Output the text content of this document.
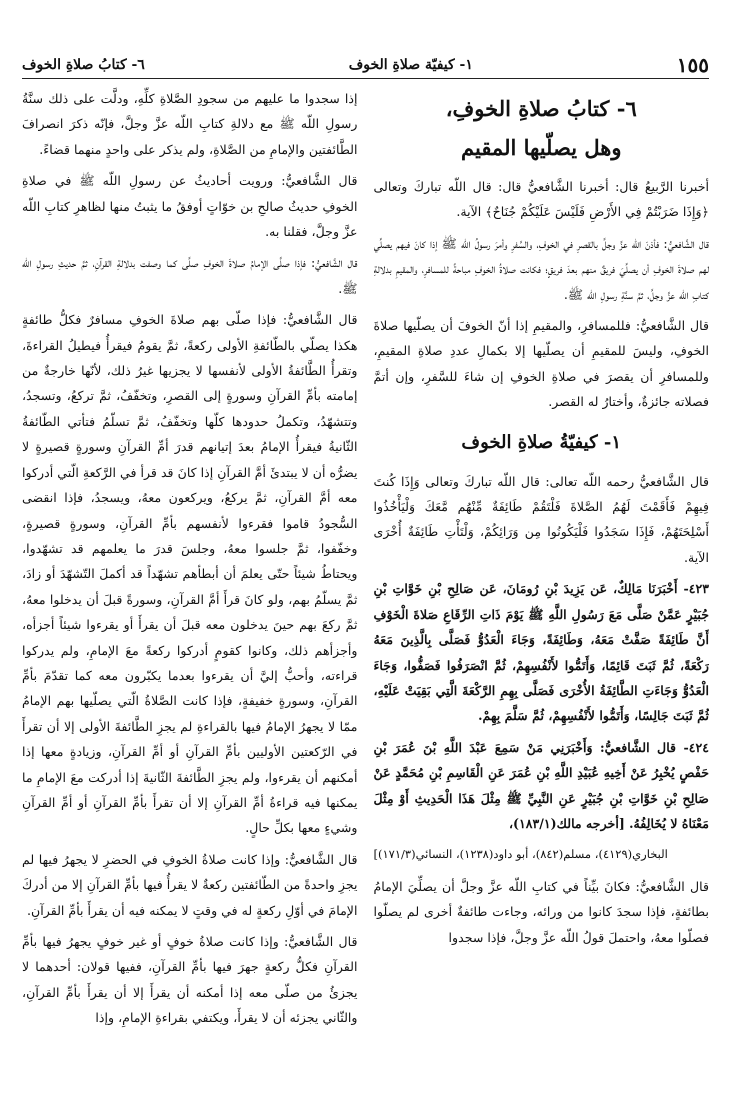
١٥٥
١- كيفيّة صلاةِ الخوف
٦- كتابُ صلاةِ الخوف
٦- كتابُ صلاةِ الخوفِ،
وهل يصلّيها المقيم

أخبرنا الرَّبيعُ قال: أخبرنا الشَّافعيُّ قال: قال اللّه تباركَ وتعالى ﴿وَإِذَا ضَرَبْتُمْ فِي الأَرْضِ فَلَيْسَ عَلَيْكُمْ جُنَاحٌ﴾ الآية.

قال الشَّافعيُّ: فأذنَ اللّه عزَّ وجلَّ بالقصرِ في الخوفِ، والسَّفرِ وأمرَ رسولُ اللّه ﷺ إذا كانَ فيهم يصلِّي لهم صلاةَ الخوفِ أن يصلِّيَ فريقٌ منهم بعدَ فريقٍ؛ فكانت صلاةُ الخوفِ مباحةً للمسافرِ، والمقيمِ بدلالةِ كتابِ اللّه عزَّ وجلَّ، ثمَّ سنَّةِ رسولِ اللّه ﷺ.

قال الشَّافعيُّ: فللمسافرِ، والمقيمِ إذا أنّ الخوفَ أن يصلّيها صلاةَ الخوفِ، وليسَ للمقيمِ أن يصلّيها إلا بكمالِ عددِ صلاةِ المقيمِ، وللمسافرِ أن يقصرَ في صلاةِ الخوفِ إن شاءَ للسَّفرِ، وإن أتمَّ فصلاته جائزةٌ، وأختارُ له القصر.

١- كيفيّةُ صلاةِ الخوف

قال الشَّافعيُّ رحمه اللّه تعالى: قال اللّه تباركَ وتعالى وَإِذَا كُنتَ فِيهِمْ فَأَقَمْتَ لَهُمُ الصَّلاةَ فَلْتَقُمْ طَائِفَةٌ مِّنْهُم مَّعَكَ وَلْيَأْخُذُوا أَسْلِحَتَهُمْ، فَإِذَا سَجَدُوا فَلْيَكُونُوا مِن وَرَائِكُمْ، وَلْتَأْتِ طَائِفَةٌ أُخْرَى الآية.

٤٢٣- أَخْبَرَنَا مَالِكٌ، عَن يَزِيدَ بْنِ رُومَانَ، عَن صَالِحِ بْنِ خَوَّاتِ بْنِ جُبَيْرٍ عَمَّنْ صَلَّى مَعَ رَسُولِ اللَّهِ ﷺ يَوْمَ ذَاتِ الرِّقَاعِ صَلاةَ الْخَوْفِ أَنَّ طَائِفَةً صَفَّتْ مَعَهُ، وَطَائِفَةً، وَجَاءَ الْعَدُوُّ فَصَلَّى بِالَّذِينَ مَعَهُ رَكْعَةً، ثُمَّ ثَبَتَ قَائِمًا، وَأَتَمُّوا لأَنْفُسِهِمْ، ثُمَّ انْصَرَفُوا فَصَفُّوا، وَجَاءَ الْعَدُوُّ وَجَاءَتِ الطَّائِفَةُ الأُخْرَى فَصَلَّى بِهِمِ الرَّكْعَةَ الَّتِي بَقِيَتْ عَلَيْهِ، ثُمَّ ثَبَتَ جَالِسًا، وَأَتَمُّوا لأَنْفُسِهِمْ، ثُمَّ سَلَّمَ بِهِمْ.

٤٢٤- قال الشَّافعيُّ: وَأَخْبَرَنِي مَنْ سَمِعَ عَبْدَ اللَّهِ بْنَ عُمَرَ بْنِ حَفْصٍ يُخْبِرُ عَنْ أَخِيهِ عُبَيْدِ اللَّهِ بْنِ عُمَرَ عَنِ الْقَاسِمِ بْنِ مُحَمَّدٍ عَنْ صَالِحِ بْنِ خَوَّاتِ بْنِ جُبَيْرٍ عَنِ النَّبِيِّ ﷺ مِثْلَ هَذَا الْحَدِيثِ أَوْ مِثْلَ مَعْنَاهُ لا يُخَالِفُهُ. [أخرجه مالك(١٨٣/١)،

البخاري(٤١٢٩)، مسلم(٨٤٢)، أبو داود(١٢٣٨)، النسائي(١٧١/٣)]

قال الشَّافعيُّ: فكانَ بيِّناً في كتابِ اللّه عزَّ وجلَّ أن يصلِّيَ الإمامُ بطائفةٍ، فإذا سجدَ كانوا من ورائه، وجاءت طائفةٌ أخرى لم يصلّوا فصلّوا معهُ، واحتملَ قولُ اللّه عزَّ وجلَّ، فإذا سجدوا

إذا سجدوا ما عليهم من سجودِ الصَّلاةِ كلِّهِ، ودلَّت على ذلك سنَّةُ رسولِ اللّه ﷺ مع دلالةِ كتابِ اللّه عزَّ وجلَّ، فإنّه ذكرَ انصرافَ الطَّائفتين والإمامِ من الصَّلاةِ، ولم يذكر على واحدٍ منهما قضاءً.

قال الشَّافعيُّ: ورويت أحاديثُ عن رسولِ اللّه ﷺ في صلاةِ الخوفِ حديثُ صالحِ بن خوّاتٍ أوفقُ ما يثبتُ منها لظاهرِ كتابِ اللّه عزَّ وجلَّ، فقلنا به.

قال الشَّافعيُّ: فإذا صلَّى الإمامُ صلاةَ الخوفِ صلَّى كما وصفت بدلالةِ القرآنِ، ثمَّ حديثِ رسولِ اللّه ﷺ.

قال الشَّافعيُّ: فإذا صلّى بهم صلاةَ الخوفِ مسافرٌ فكلُّ طائفةٍ هكذا يصلّي بالطّائفةِ الأولى ركعةً، ثمَّ يقومُ فيقرأُ فيطيلُ القراءةَ، وتقرأُ الطَّائفةُ الأولى لأنفسها لا يجزيها غيرُ ذلك، لأنّها خارجةٌ من إمامته بأمِّ القرآنِ وسورةٍ إلى القصرِ، وتخفّفُ، ثمَّ تركعُ، وتسجدُ، وتتشهّدُ، وتكملُ حدودها كلّها وتخفّفُ، ثمَّ تسلّمُ فتأتي الطّائفةُ الثّانيةُ فيقرأُ الإمامُ بعدَ إتيانهم قدرَ أمِّ القرآنِ وسورةٍ قصيرةٍ لا يضرُّه أن لا يبتدئَ أمَّ القرآنِ إذا كانَ قد قرأ في الرَّكعةِ الّتي أدركوا معه أمَّ القرآنِ، ثمَّ يركعُ، ويركعون معهُ، ويسجدُ، فإذا انقضى السُّجودُ قاموا فقرءوا لأنفسهم بأمِّ القرآنِ، وسورةٍ قصيرةٍ، وخفّفوا، ثمَّ جلسوا معهُ، وجلسَ قدرَ ما يعلمهم قد تشهّدوا، ويحتاطُ شيئاً حتّى يعلمَ أن أبطأهم تشهّداً قد أكملَ التّشهّدَ أو زادَ، ثمَّ يسلّمُ بهم، ولو كانَ قرأَ أمَّ القرآنِ، وسورةً قبلَ أن يدخلوا معهُ، ثمَّ ركعَ بهم حينَ يدخلون معه قبلَ أن يقرأَ أو يقرءوا شيئاً أجزأه، وأجزأهم ذلك، وكانوا كقومٍ أدركوا ركعةً معَ الإمامِ، ولم يدركوا قراءته، وأحبُّ إليَّ أن يقرءوا بعدما يكبّرون معه كما تقدّمَ بأمِّ القرآنِ، وسورةٍ خفيفةٍ، فإذا كانت الصَّلاةُ الّتي يصلّيها بهم الإمامُ ممّا لا يجهرُ الإمامُ فيها بالقراءةِ لم يجزِ الطَّائفةَ الأولى إلا أن تقرأَ في الرّكعتين الأوليين بأمِّ القرآنِ أو أمِّ القرآنِ، وزيادةٍ معها إذا أمكنهم أن يقرءوا، ولم يجزِ الطَّائفةَ الثّانيةَ إذا أدركت معَ الإمامِ ما يمكنها فيه قراءةُ أمِّ القرآنِ إلا أن تقرأَ بأمِّ القرآنِ أو أمِّ القرآنِ وشيءٍ معها بكلِّ حالٍ.

قال الشَّافعيُّ: وإذا كانت صلاةُ الخوفِ في الحضرِ لا يجهرُ فيها لم يجزِ واحدةً من الطّائفتين ركعةٌ لا يقرأُ فيها بأمِّ القرآنِ إلا من أدركَ الإمامَ في أوّلِ ركعةٍ له في وقتٍ لا يمكنه فيه أن يقرأَ بأمِّ القرآنِ.

قال الشَّافعيُّ: وإذا كانت صلاةُ خوفٍ أو غير خوفٍ يجهرُ فيها بأمِّ القرآنِ فكلُّ ركعةٍ جهرَ فيها بأمِّ القرآنِ، ففيها قولان: أحدهما لا يجزئُ من صلّى معه إذا أمكنه أن يقرأَ إلا أن يقرأَ بأمِّ القرآنِ، والثّاني يجزئه أن لا يقرأَ، ويكتفي بقراءةِ الإمامِ، وإذا
